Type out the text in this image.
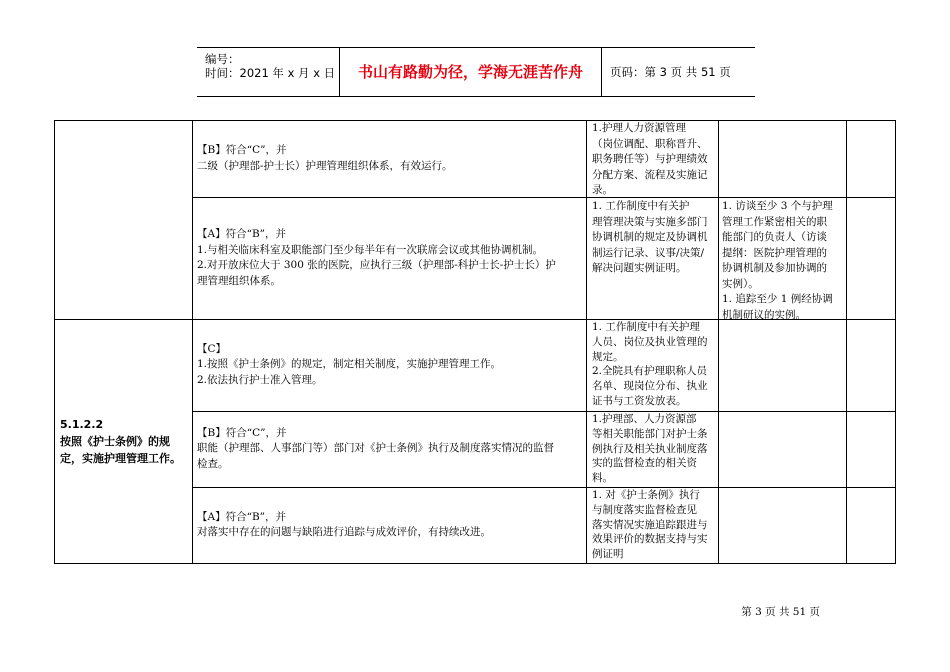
编号：
时间：2021 年 x 月 x 日	书山有路勤为径，学海无涯苦作舟	页码：第 3 页 共 51 页

5.1.2.2

按照《护士条例》的规定，实施护理管理工作。

【B】符合“C”，并

二级（护理部-护士长）护理管理组织体系，有效运行。

1.护理人力资源管理

（岗位调配、职称晋升、

职务聘任等）与护理绩效

分配方案、流程及实施记

录。

【A】符合“B”，并

1.与相关临床科室及职能部门至少每半年有一次联席会议或其他协调机制。

2.对开放床位大于 300 张的医院，应执行三级（护理部-科护士长-护士长）护

理管理组织体系。

1. 工作制度中有关护

理管理决策与实施多部门

协调机制的规定及协调机

制运行记录、议事/决策/

解决问题实例证明。

1. 访谈至少 3 个与护理

管理工作紧密相关的职

能部门的负责人（访谈

提纲：医院护理管理的

协调机制及参加协调的

实例）。

1. 追踪至少 1 例经协调

机制研议的实例。

【C】

1.按照《护士条例》的规定，制定相关制度，实施护理管理工作。

2.依法执行护士准入管理。

1. 工作制度中有关护理

人员、岗位及执业管理的

规定。

2.全院具有护理职称人员

名单、现岗位分布、执业

证书与工资发放表。

【B】符合“C”，并

职能（护理部、人事部门等）部门对《护士条例》执行及制度落实情况的监督

检查。

1.护理部、人力资源部

等相关职能部门对护士条

例执行及相关执业制度落

实的监督检查的相关资

料。

【A】符合“B”，并

对落实中存在的问题与缺陷进行追踪与成效评价，有持续改进。

1. 对《护士条例》执行

与制度落实监督检查见

落实情况实施追踪跟进与

效果评价的数据支持与实

例证明

第 3 页 共 51 页
